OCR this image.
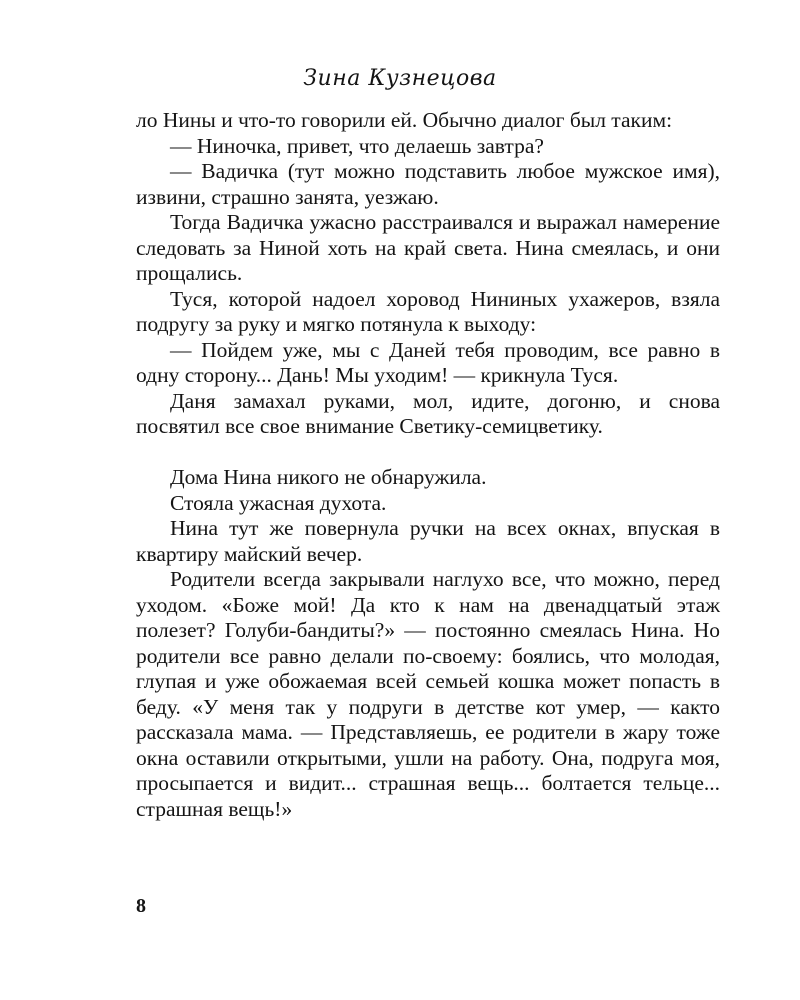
Зина Кузнецова

ло Нины и что-то говорили ей. Обычно диалог был таким:

— Ниночка, привет, что делаешь завтра?

— Вадичка (тут можно подставить любое мужское имя), извини, страшно занята, уезжаю.

Тогда Вадичка ужасно расстраивался и выражал намерение следовать за Ниной хоть на край света. Нина смеялась, и они прощались.

Туся, которой надоел хоровод Нининых ухажеров, взяла подругу за руку и мягко потянула к выходу:

— Пойдем уже, мы с Даней тебя проводим, все равно в одну сторону... Дань! Мы уходим! — крикнула Туся.

Даня замахал руками, мол, идите, догоню, и снова посвятил все свое внимание Светику-семицветику.

Дома Нина никого не обнаружила.

Стояла ужасная духота.

Нина тут же повернула ручки на всех окнах, впуская в квартиру майский вечер.

Родители всегда закрывали наглухо все, что можно, перед уходом. «Боже мой! Да кто к нам на двенадцатый этаж полезет? Голуби-бандиты?» — постоянно смеялась Нина. Но родители все равно делали по-своему: боялись, что молодая, глупая и уже обожаемая всей семьей кошка может попасть в беду. «У меня так у подруги в детстве кот умер, — както рассказала мама. — Представляешь, ее родители в жару тоже окна оставили открытыми, ушли на работу. Она, подруга моя, просыпается и видит... страшная вещь... болтается тельце... страшная вещь!»

8
